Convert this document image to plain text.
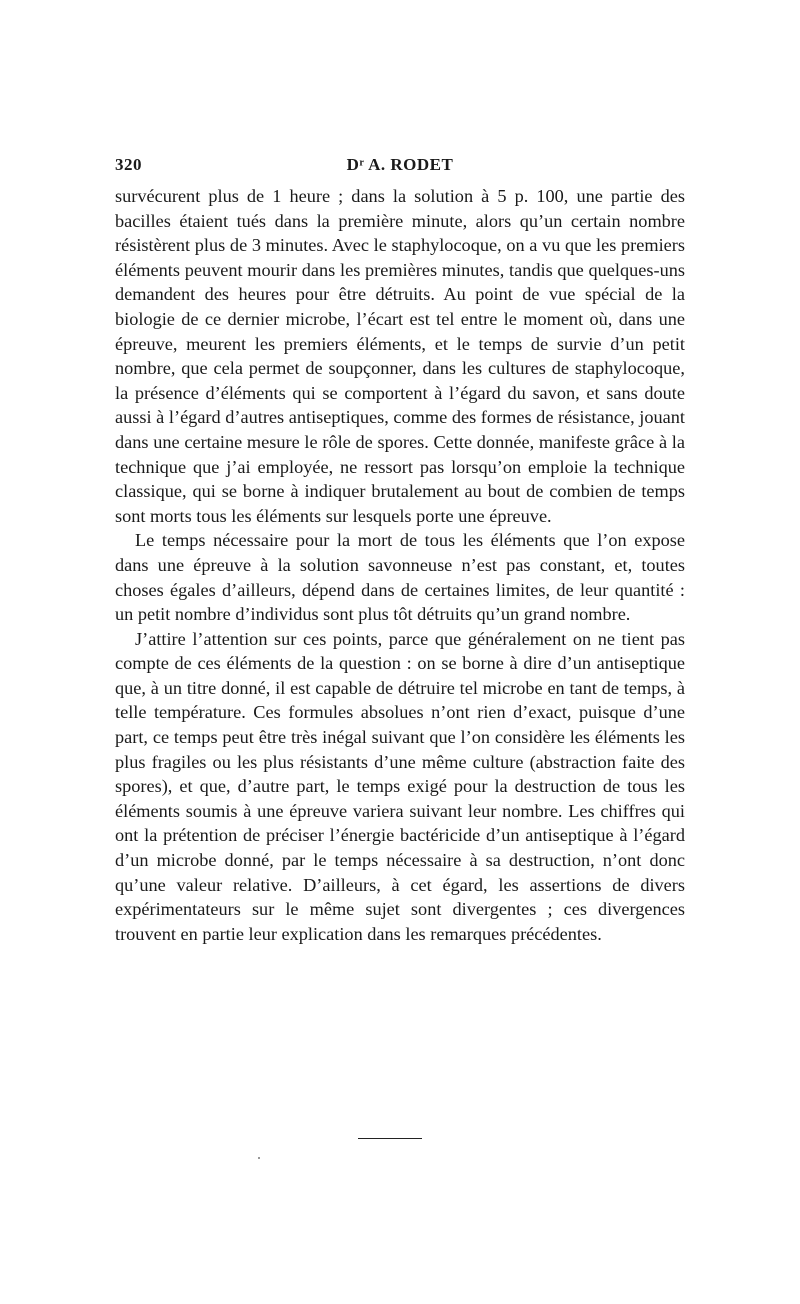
320	Dʳ A. RODET

survécurent plus de 1 heure ; dans la solution à 5 p. 100, une partie des bacilles étaient tués dans la première minute, alors qu’un certain nombre résistèrent plus de 3 minutes. Avec le staphylocoque, on a vu que les premiers éléments peuvent mourir dans les premières minutes, tandis que quelques-uns demandent des heures pour être détruits. Au point de vue spécial de la biologie de ce dernier microbe, l’écart est tel entre le moment où, dans une épreuve, meurent les premiers éléments, et le temps de survie d’un petit nombre, que cela permet de soupçonner, dans les cultures de staphylocoque, la présence d’éléments qui se comportent à l’égard du savon, et sans doute aussi à l’égard d’autres antiseptiques, comme des formes de résistance, jouant dans une certaine mesure le rôle de spores. Cette donnée, manifeste grâce à la technique que j’ai employée, ne ressort pas lorsqu’on emploie la technique classique, qui se borne à indiquer brutalement au bout de combien de temps sont morts tous les éléments sur lesquels porte une épreuve.

Le temps nécessaire pour la mort de tous les éléments que l’on expose dans une épreuve à la solution savonneuse n’est pas constant, et, toutes choses égales d’ailleurs, dépend dans de certaines limites, de leur quantité : un petit nombre d’individus sont plus tôt détruits qu’un grand nombre.

J’attire l’attention sur ces points, parce que généralement on ne tient pas compte de ces éléments de la question : on se borne à dire d’un antiseptique que, à un titre donné, il est capable de détruire tel microbe en tant de temps, à telle température. Ces formules absolues n’ont rien d’exact, puisque d’une part, ce temps peut être très inégal suivant que l’on considère les éléments les plus fragiles ou les plus résistants d’une même culture (abstraction faite des spores), et que, d’autre part, le temps exigé pour la destruction de tous les éléments soumis à une épreuve variera suivant leur nombre. Les chiffres qui ont la prétention de préciser l’énergie bactéricide d’un antiseptique à l’égard d’un microbe donné, par le temps nécessaire à sa destruction, n’ont donc qu’une valeur relative. D’ailleurs, à cet égard, les assertions de divers expérimentateurs sur le même sujet sont divergentes ; ces divergences trouvent en partie leur explication dans les remarques précédentes.
